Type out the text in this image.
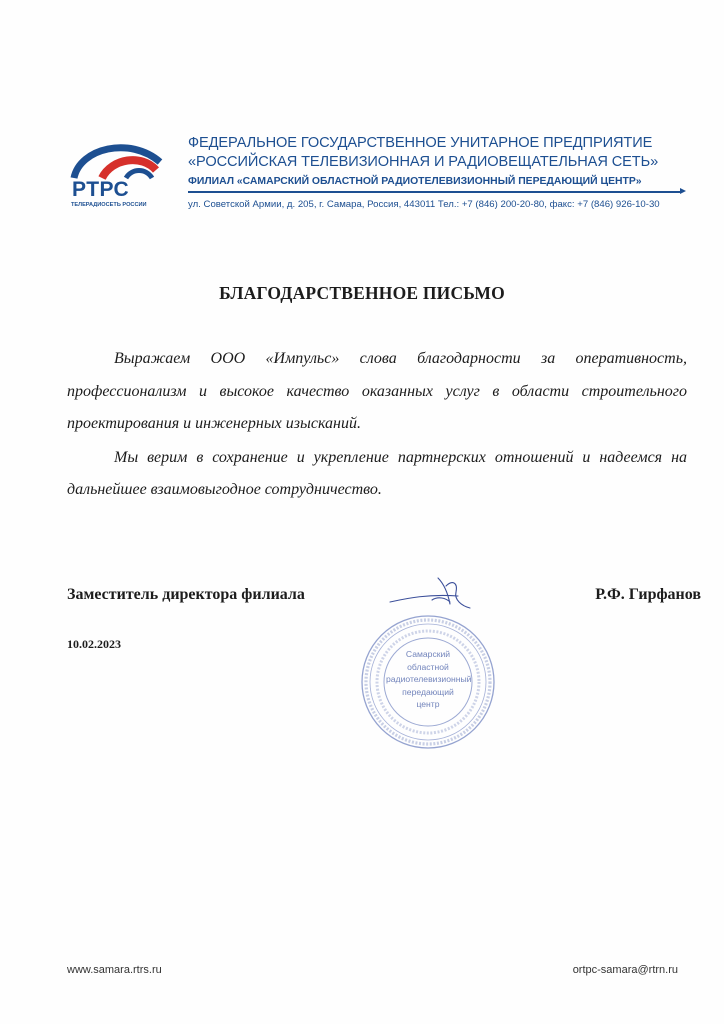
РТРС
ТЕЛЕРАДИОСЕТЬ РОССИИ
ФЕДЕРАЛЬНОЕ ГОСУДАРСТВЕННОЕ УНИТАРНОЕ ПРЕДПРИЯТИЕ
«РОССИЙСКАЯ ТЕЛЕВИЗИОННАЯ И РАДИОВЕЩАТЕЛЬНАЯ СЕТЬ»
ФИЛИАЛ «САМАРСКИЙ ОБЛАСТНОЙ РАДИОТЕЛЕВИЗИОННЫЙ ПЕРЕДАЮЩИЙ ЦЕНТР»
ул. Советской Армии, д. 205, г. Самара, Россия, 443011 Тел.: +7 (846) 200-20-80, факс: +7 (846) 926-10-30
БЛАГОДАРСТВЕННОЕ ПИСЬМО

Выражаем ООО «Импульс» слова благодарности за оперативность, профессионализм и высокое качество оказанных услуг в области строительного проектирования и инженерных изысканий.

Мы верим в сохранение и укрепление партнерских отношений и надеемся на дальнейшее взаимовыгодное сотрудничество.

Заместитель директора филиала	Р.Ф. Гирфанов
10.02.2023
Самарский
областной
радиотелевизионный
передающий
центр
www.samara.rtrs.ru	ortpc-samara@rtrn.ru
